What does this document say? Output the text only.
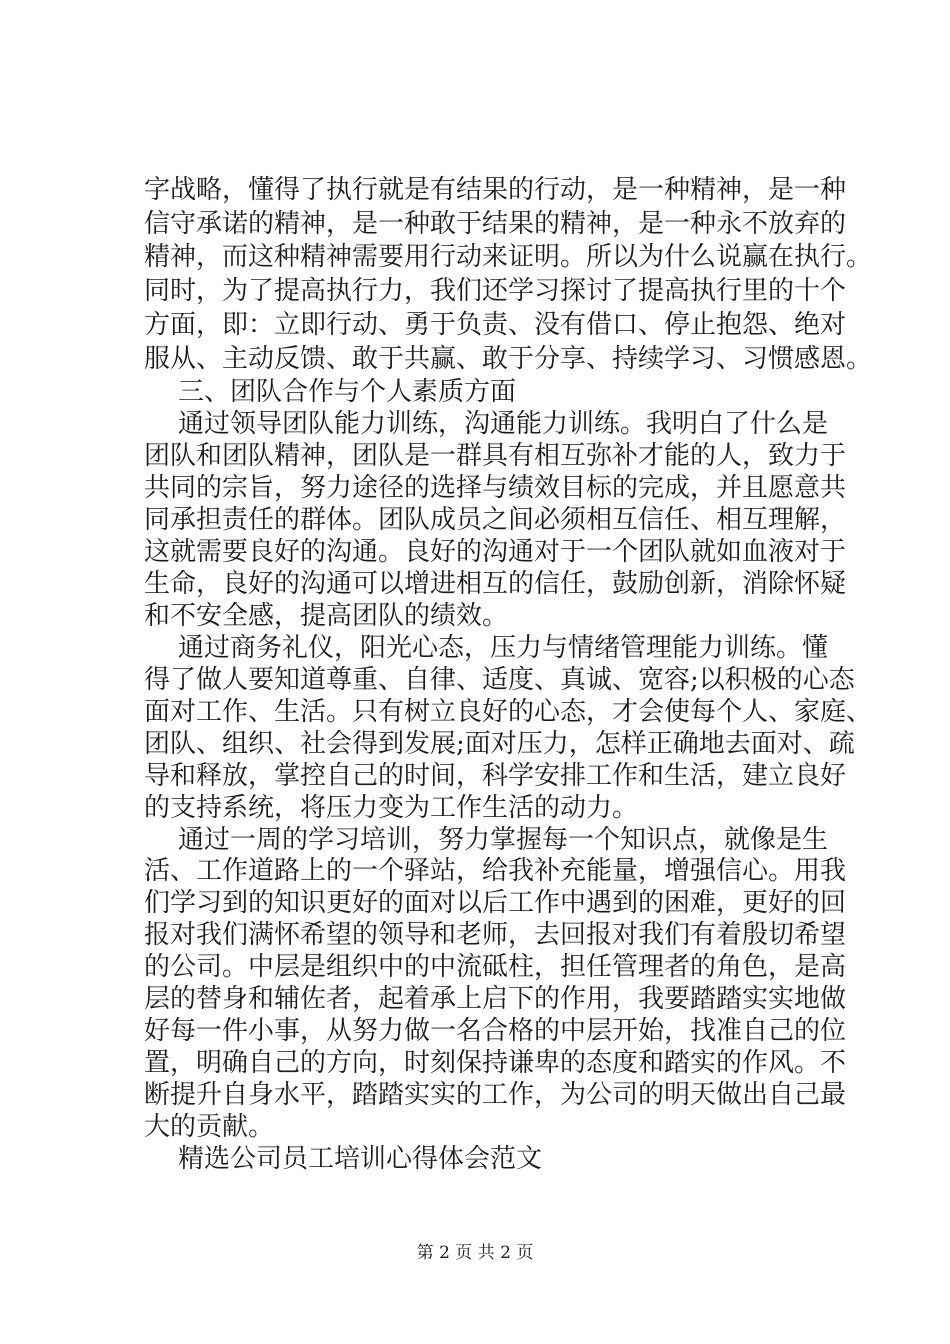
字战略，懂得了执行就是有结果的行动，是一种精神，是一种
信守承诺的精神，是一种敢于结果的精神，是一种永不放弃的
精神，而这种精神需要用行动来证明。所以为什么说赢在执行。
同时，为了提高执行力，我们还学习探讨了提高执行里的十个
方面，即：立即行动、勇于负责、没有借口、停止抱怨、绝对
服从、主动反馈、敢于共赢、敢于分享、持续学习、习惯感恩。
三、团队合作与个人素质方面
通过领导团队能力训练，沟通能力训练。我明白了什么是
团队和团队精神，团队是一群具有相互弥补才能的人，致力于
共同的宗旨，努力途径的选择与绩效目标的完成，并且愿意共
同承担责任的群体。团队成员之间必须相互信任、相互理解，
这就需要良好的沟通。良好的沟通对于一个团队就如血液对于
生命，良好的沟通可以增进相互的信任，鼓励创新，消除怀疑
和不安全感，提高团队的绩效。
通过商务礼仪，阳光心态，压力与情绪管理能力训练。懂
得了做人要知道尊重、自律、适度、真诚、宽容;以积极的心态
面对工作、生活。只有树立良好的心态，才会使每个人、家庭、
团队、组织、社会得到发展;面对压力，怎样正确地去面对、疏
导和释放，掌控自己的时间，科学安排工作和生活，建立良好
的支持系统，将压力变为工作生活的动力。
通过一周的学习培训，努力掌握每一个知识点，就像是生
活、工作道路上的一个驿站，给我补充能量，增强信心。用我
们学习到的知识更好的面对以后工作中遇到的困难，更好的回
报对我们满怀希望的领导和老师，去回报对我们有着殷切希望
的公司。中层是组织中的中流砥柱，担任管理者的角色，是高
层的替身和辅佐者，起着承上启下的作用，我要踏踏实实地做
好每一件小事，从努力做一名合格的中层开始，找准自己的位
置，明确自己的方向，时刻保持谦卑的态度和踏实的作风。不
断提升自身水平，踏踏实实的工作，为公司的明天做出自己最
大的贡献。
精选公司员工培训心得体会范文
第 2 页 共 2 页
